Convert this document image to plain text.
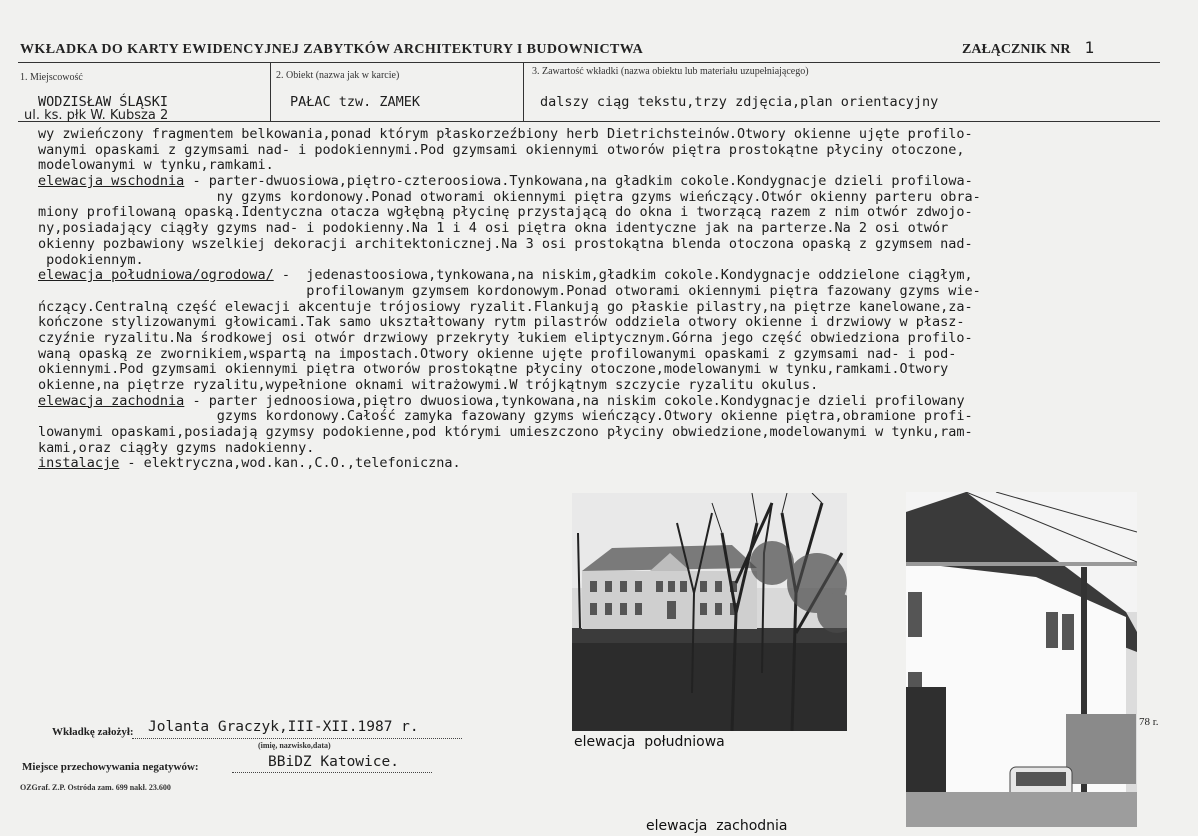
WKŁADKA DO KARTY EWIDENCYJNEJ ZABYTKÓW ARCHITEKTURY I BUDOWNICTWA	ZAŁĄCZNIK NR 1
1. Miejscowość	2. Obiekt (nazwa jak w karcie)	3. Zawartość wkładki (nazwa obiektu lub materiału uzupełniającego)
WODZISŁAW ŚLĄSKI
ul. ks. płk W. Kubsza 2
PAŁAC tzw. ZAMEK	dalszy ciąg tekstu,trzy zdjęcia,plan orientacyjny
wy zwieńczony fragmentem belkowania,ponad którym płaskorzeźbiony herb Dietrichsteinów.Otwory okienne ujęte profilo-
wanymi opaskami z gzymsami nad- i podokiennymi.Pod gzymsami okiennymi otworów piętra prostokątne płyciny otoczone,
modelowanymi w tynku,ramkami.
elewacja wschodnia - parter-dwuosiowa,piętro-czteroosiowa.Tynkowana,na gładkim cokole.Kondygnacje dzieli profilowa-
ny gzyms kordonowy.Ponad otworami okiennymi piętra gzyms wieńczący.Otwór okienny parteru obra-
miony profilowaną opaską.Identyczna otacza wgłębną płycinę przystającą do okna i tworzącą razem z nim otwór zdwojo-
ny,posiadający ciągły gzyms nad- i podokienny.Na 1 i 4 osi piętra okna identyczne jak na parterze.Na 2 osi otwór
okienny pozbawiony wszelkiej dekoracji architektonicznej.Na 3 osi prostokątna blenda otoczona opaską z gzymsem nad-
podokiennym.
elewacja południowa/ogrodowa/ -  jedenastoosiowa,tynkowana,na niskim,gładkim cokole.Kondygnacje oddzielone ciągłym,
profilowanym gzymsem kordonowym.Ponad otworami okiennymi piętra fazowany gzyms wie-
ńczący.Centralną część elewacji akcentuje trójosiowy ryzalit.Flankują go płaskie pilastry,na piętrze kanelowane,za-
kończone stylizowanymi głowicami.Tak samo ukształtowany rytm pilastrów oddziela otwory okienne i drzwiowy w płasz-
czyźnie ryzalitu.Na środkowej osi otwór drzwiowy przekryty łukiem eliptycznym.Górna jego część obwiedziona profilo-
waną opaską ze zwornikiem,wspartą na impostach.Otwory okienne ujęte profilowanymi opaskami z gzymsami nad- i pod-
okiennymi.Pod gzymsami okiennymi piętra otworów prostokątne płyciny otoczone,modelowanymi w tynku,ramkami.Otwory
okienne,na piętrze ryzalitu,wypełnione oknami witrażowymi.W trójkątnym szczycie ryzalitu okulus.
elewacja zachodnia - parter jednoosiowa,piętro dwuosiowa,tynkowana,na niskim cokole.Kondygnacje dzieli profilowany
gzyms kordonowy.Całość zamyka fazowany gzyms wieńczący.Otwory okienne piętra,obramione profi-
lowanymi opaskami,posiadają gzymsy podokienne,pod którymi umieszczono płyciny obwiedzione,modelowanymi w tynku,ram-
kami,oraz ciągły gzyms nadokienny.
instalacje - elektryczna,wod.kan.,C.O.,telefoniczna.
elewacja  południowa
78 r.
elewacja  zachodnia
Wkładkę założył: Jolanta Graczyk,III-XII.1987 r.
(imię, nazwisko,data)
Miejsce przechowywania negatywów:	BBiDZ Katowice.
OZGraf. Z.P. Ostróda zam. 699 nakł. 23.600
